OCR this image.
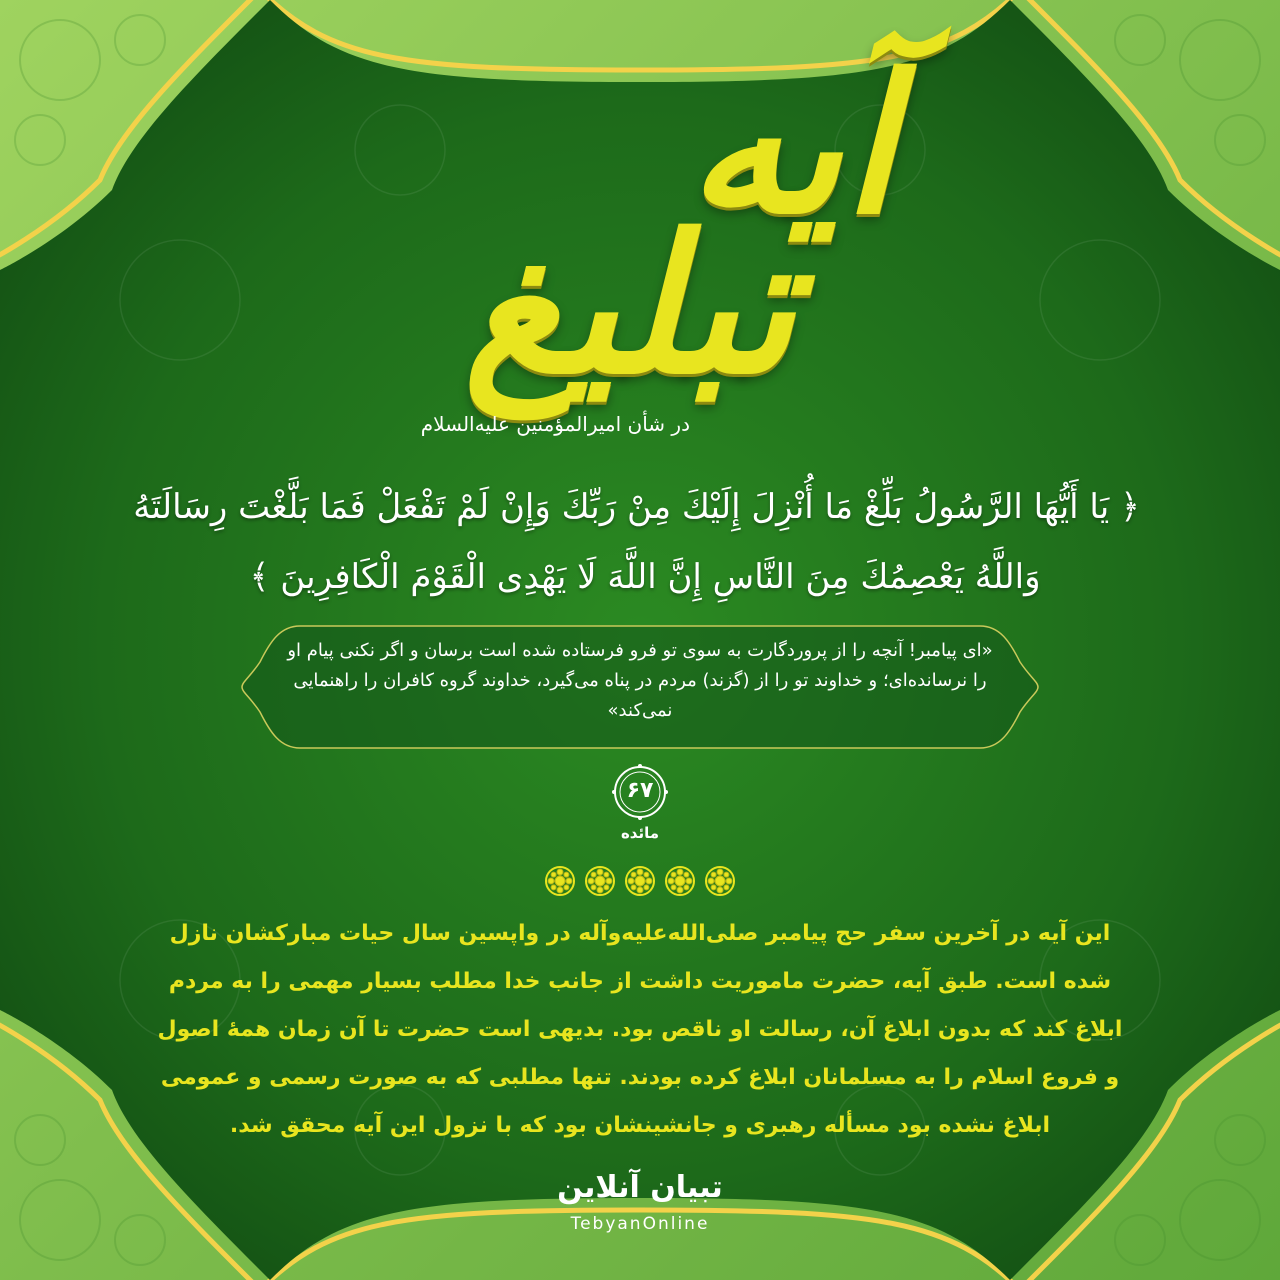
آیه
تبلیغ
در شأن امیرالمؤمنین علیه‌السلام
﴿ یَا أَیُّهَا الرَّسُولُ بَلِّغْ مَا أُنْزِلَ إِلَیْكَ مِنْ رَبِّكَ وَإِنْ لَمْ تَفْعَلْ فَمَا بَلَّغْتَ رِسَالَتَهُ
وَاللَّهُ یَعْصِمُكَ مِنَ النَّاسِ إِنَّ اللَّهَ لَا یَهْدِی الْقَوْمَ الْكَافِرِینَ ﴾
«ای پیامبر! آنچه را از پروردگارت به سوی تو فرو فرستاده شده است برسان و اگر نکنی پیام او را نرسانده‌ای؛ و خداوند تو را از (گزند) مردم در پناه می‌گیرد، خداوند گروه کافران را راهنمایی نمی‌کند»
۶۷
مائده
این آیه در آخرین سفر حج پیامبر صلی‌الله‌علیه‌وآله در واپسین سال حیات مبارکشان نازل شده است. طبق آیه، حضرت ماموریت داشت از جانب خدا مطلب بسیار مهمی را به مردم ابلاغ کند که بدون ابلاغ آن، رسالت او ناقص بود. بدیهی است حضرت تا آن زمان همهٔ اصول و فروع اسلام را به مسلمانان ابلاغ کرده بودند. تنها مطلبی که به صورت رسمی و عمومی ابلاغ نشده بود مسأله رهبری و جانشینشان بود که با نزول این آیه محقق شد.
تبیان آنلاین
TebyanOnline
